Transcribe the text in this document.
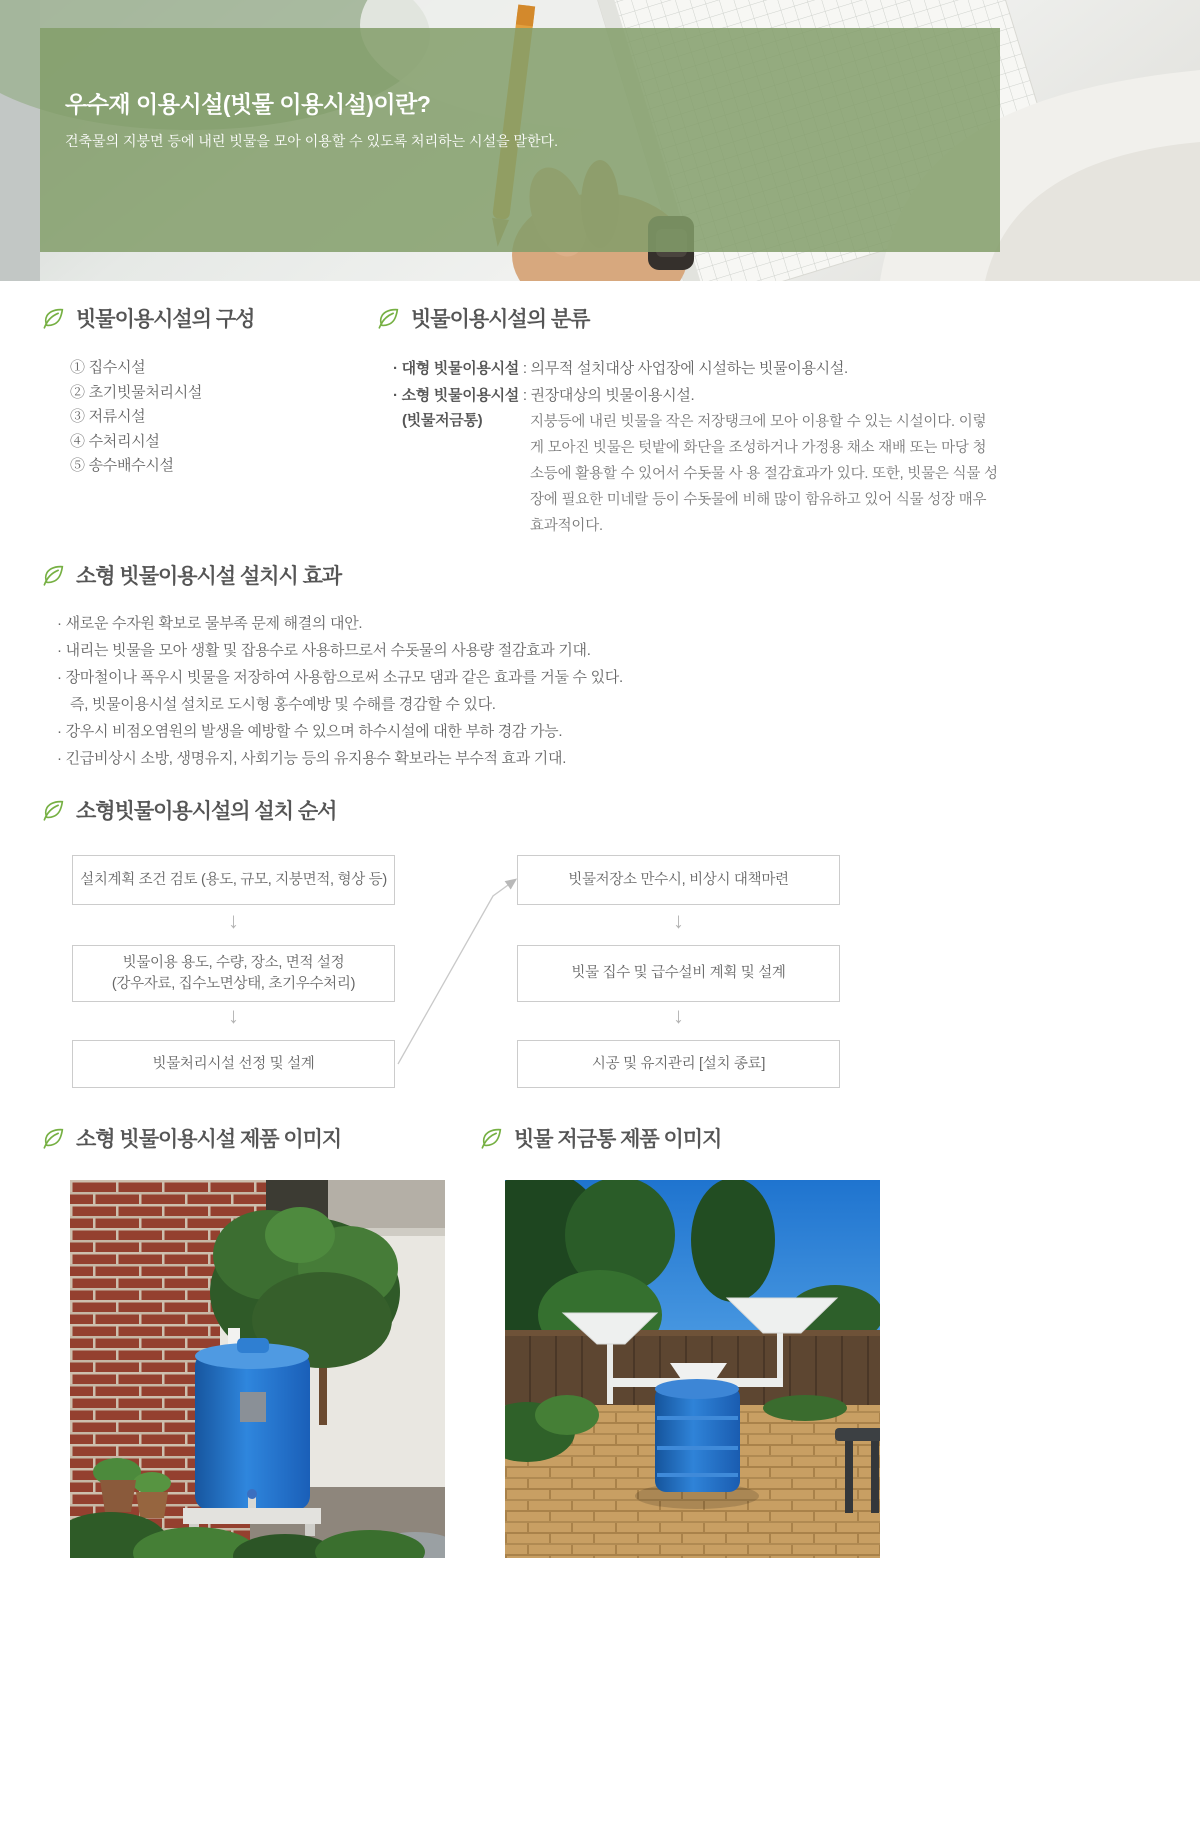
우수재 이용시설(빗물 이용시설)이란?

건축물의 지붕면 등에 내린 빗물을 모아 이용할 수 있도록 처리하는 시설을 말한다.

빗물이용시설의 구성
① 집수시설
② 초기빗물처리시설
③ 저류시설
④ 수처리시설
⑤ 송수배수시설
빗물이용시설의 분류
· 대형 빗물이용시설 : 의무적 설치대상 사업장에 시설하는 빗물이용시설.
· 소형 빗물이용시설 : 권장대상의 빗물이용시설.
(빗물저금통)	지붕등에 내린 빗물을 작은 저장탱크에 모아 이용할 수 있는 시설이다. 이렇게 모아진 빗물은 텃밭에 화단을 조성하거나 가정용 채소 재배 또는 마당 청소등에 활용할 수 있어서 수돗물 사 용 절감효과가 있다. 또한, 빗물은 식물 성장에 필요한 미네랄 등이 수돗물에 비해 많이 함유하고 있어 식물 성장 매우 효과적이다.
소형 빗물이용시설 설치시 효과
· 새로운 수자원 확보로 물부족 문제 해결의 대안.
· 내리는 빗물을 모아 생활 및 잡용수로 사용하므로서 수돗물의 사용량 절감효과 기대.
· 장마철이나 폭우시 빗물을 저장하여 사용함으로써 소규모 댐과 같은 효과를 거둘 수 있다.
즉, 빗물이용시설 설치로 도시형 홍수예방 및 수해를 경감할 수 있다.
· 강우시 비점오염원의 발생을 예방할 수 있으며 하수시설에 대한 부하 경감 가능.
· 긴급비상시 소방, 생명유지, 사회기능 등의 유지용수 확보라는 부수적 효과 기대.
소형빗물이용시설의 설치 순서
설치계획 조건 검토 (용도, 규모, 지붕면적, 형상 등)
↓
빗물이용 용도, 수량, 장소, 면적 설정
(강우자료, 집수노면상태, 초기우수처리)
↓
빗물처리시설 선정 및 설계
빗물저장소 만수시, 비상시 대책마련
↓
빗물 집수 및 급수설비 계획 및 설계
↓
시공 및 유지관리 [설치 종료]
소형 빗물이용시설 제품 이미지	빗물 저금통 제품 이미지
